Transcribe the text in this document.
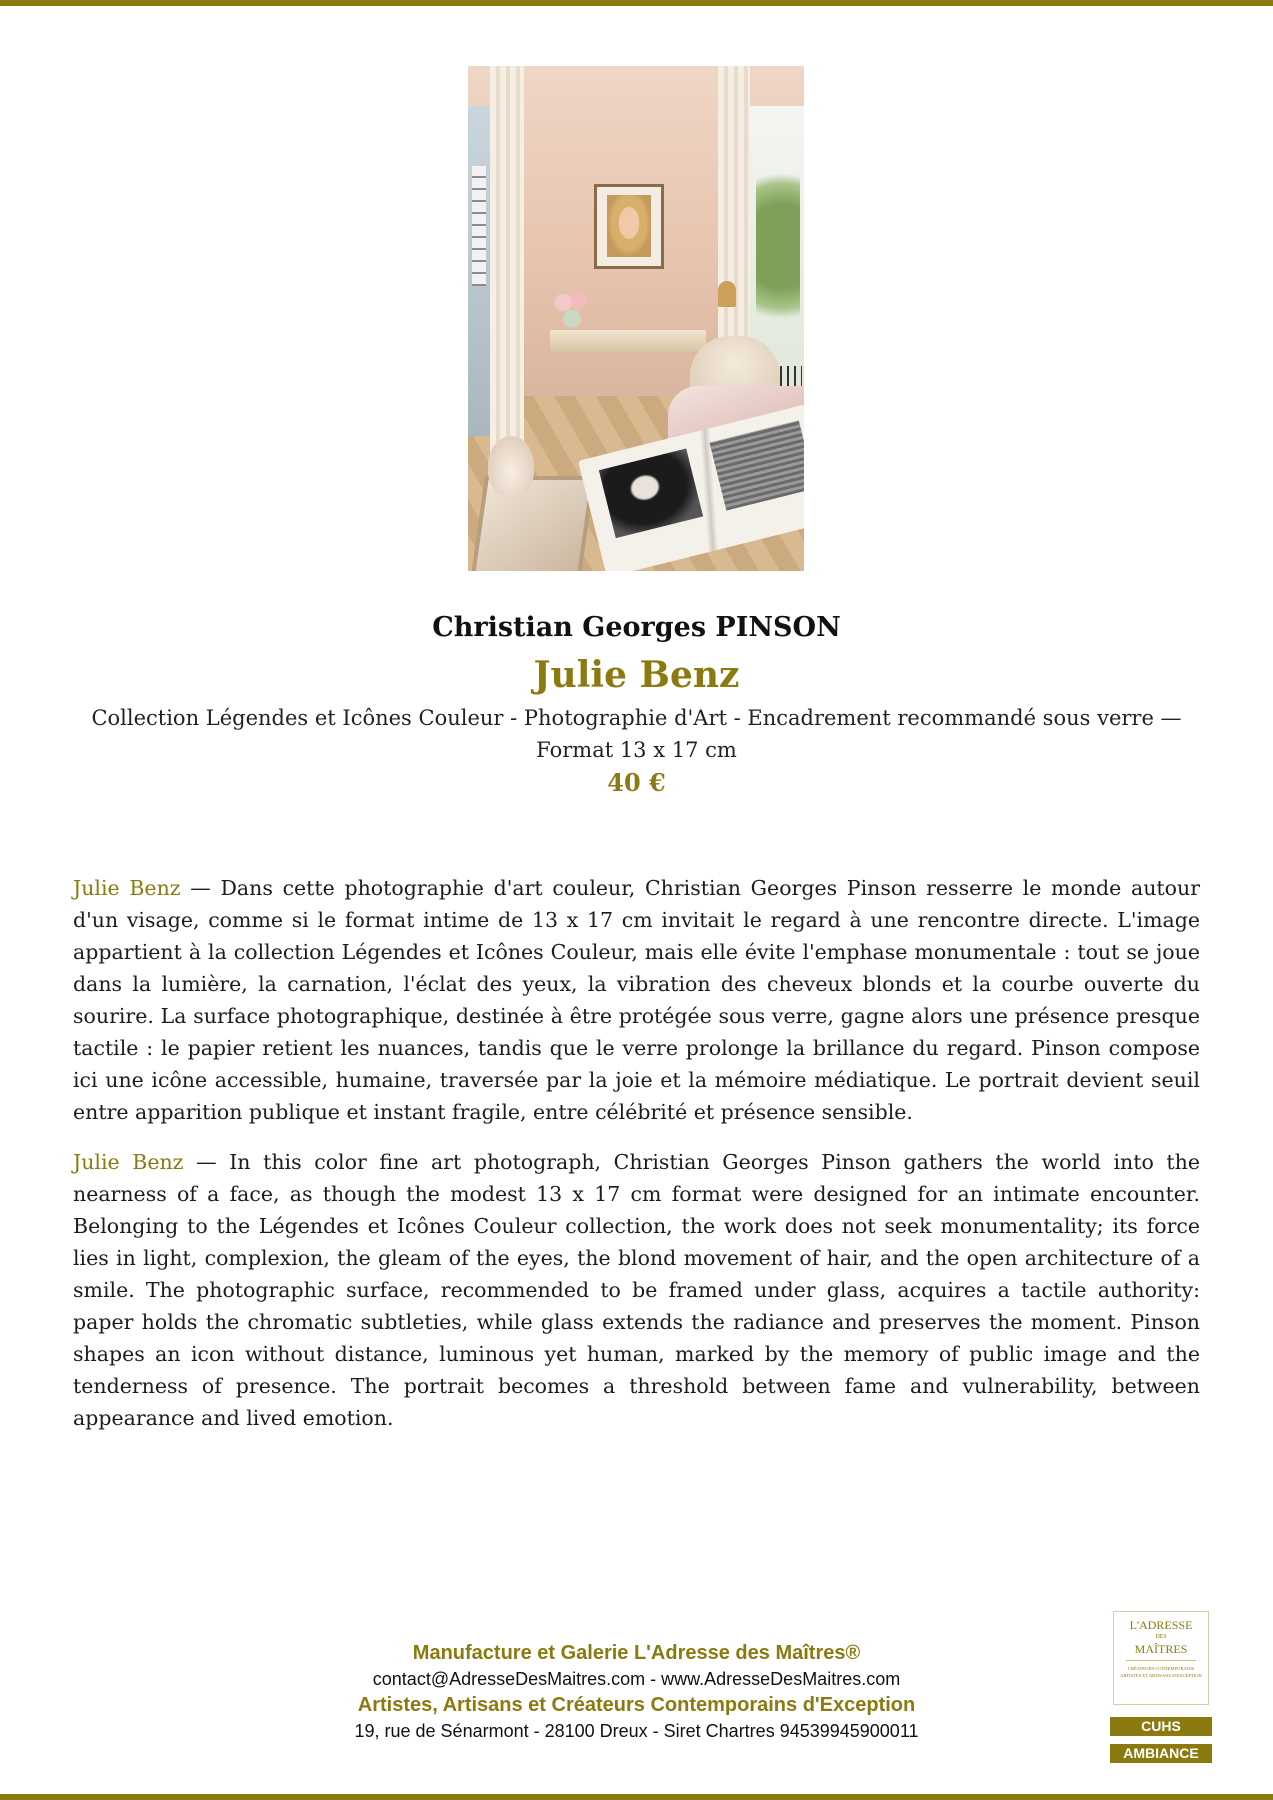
Christian Georges PINSON
Julie Benz
Collection Légendes et Icônes Couleur - Photographie d'Art - Encadrement recommandé sous verre — Format 13 x 17 cm
40 €

Julie Benz — Dans cette photographie d'art couleur, Christian Georges Pinson resserre le monde autour d'un visage, comme si le format intime de 13 x 17 cm invitait le regard à une rencontre directe. L'image appartient à la collection Légendes et Icônes Couleur, mais elle évite l'emphase monumentale : tout se joue dans la lumière, la carnation, l'éclat des yeux, la vibration des cheveux blonds et la courbe ouverte du sourire. La surface photographique, destinée à être protégée sous verre, gagne alors une présence presque tactile : le papier retient les nuances, tandis que le verre prolonge la brillance du regard. Pinson compose ici une icône accessible, humaine, traversée par la joie et la mémoire médiatique. Le portrait devient seuil entre apparition publique et instant fragile, entre célébrité et présence sensible.

Julie Benz — In this color fine art photograph, Christian Georges Pinson gathers the world into the nearness of a face, as though the modest 13 x 17 cm format were designed for an intimate encounter. Belonging to the Légendes et Icônes Couleur collection, the work does not seek monumentality; its force lies in light, complexion, the gleam of the eyes, the blond movement of hair, and the open architecture of a smile. The photographic surface, recommended to be framed under glass, acquires a tactile authority: paper holds the chromatic subtleties, while glass extends the radiance and preserves the moment. Pinson shapes an icon without distance, luminous yet human, marked by the memory of public image and the tenderness of presence. The portrait becomes a threshold between fame and vulnerability, between appearance and lived emotion.

Manufacture et Galerie L'Adresse des Maîtres®
contact@AdresseDesMaitres.com - www.AdresseDesMaitres.com
Artistes, Artisans et Créateurs Contemporains d'Exception
19, rue de Sénarmont - 28100 Dreux - Siret Chartres 94539945900011
L'ADRESSE
DES
MAÎTRES
CRÉATEURS CONTEMPORAINS ARTISTES ET ARTISANS D'EXCEPTION
CUHS
AMBIANCE
